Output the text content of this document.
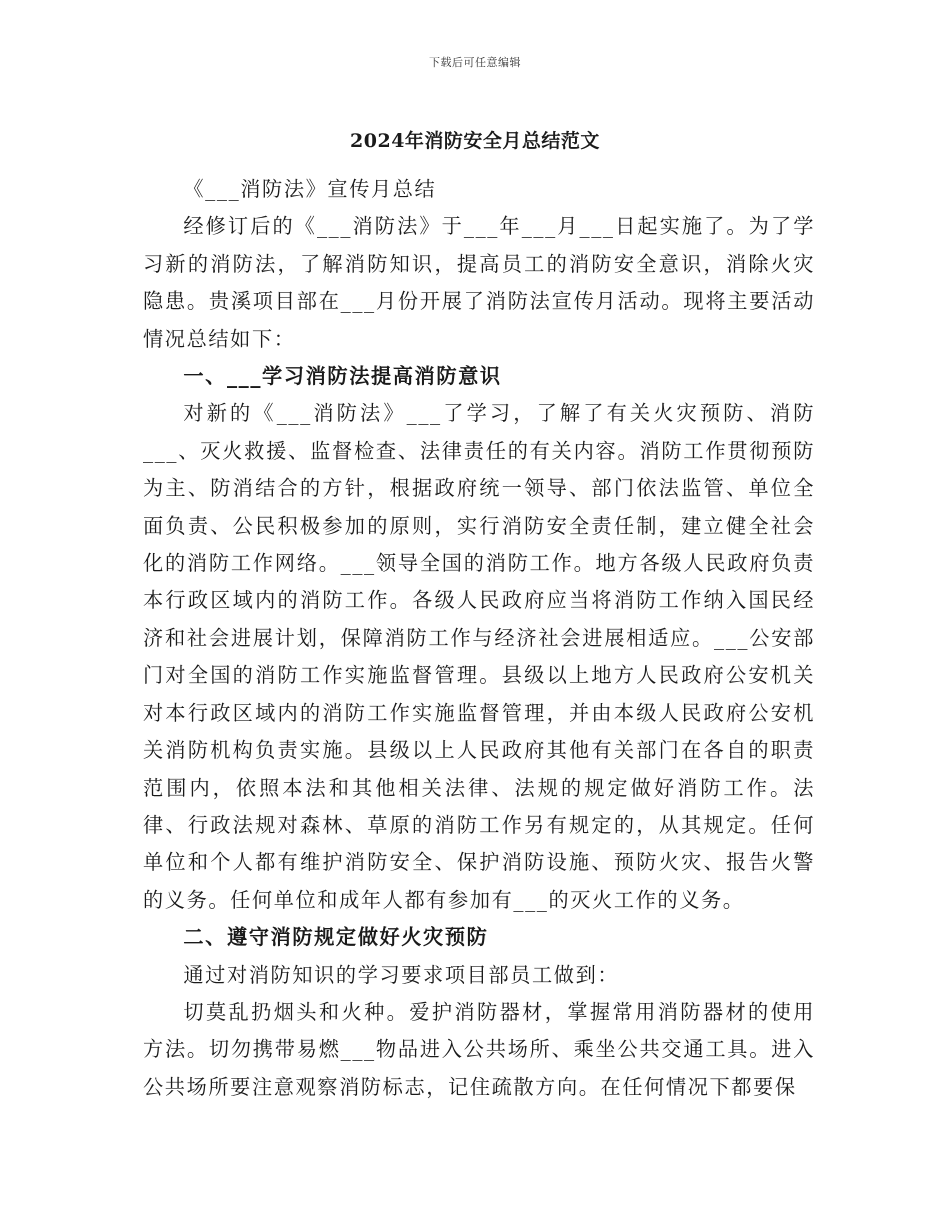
下载后可任意编辑
2024年消防安全月总结范文

《___消防法》宣传月总结

经修订后的《___消防法》于___年___月___日起实施了。为了学习新的消防法，了解消防知识，提高员工的消防安全意识，消除火灾隐患。贵溪项目部在___月份开展了消防法宣传月活动。现将主要活动情况总结如下：

一、___学习消防法提高消防意识

对新的《___消防法》___了学习，了解了有关火灾预防、消防___、灭火救援、监督检查、法律责任的有关内容。消防工作贯彻预防为主、防消结合的方针，根据政府统一领导、部门依法监管、单位全面负责、公民积极参加的原则，实行消防安全责任制，建立健全社会化的消防工作网络。___领导全国的消防工作。地方各级人民政府负责本行政区域内的消防工作。各级人民政府应当将消防工作纳入国民经济和社会进展计划，保障消防工作与经济社会进展相适应。___公安部门对全国的消防工作实施监督管理。县级以上地方人民政府公安机关对本行政区域内的消防工作实施监督管理，并由本级人民政府公安机关消防机构负责实施。县级以上人民政府其他有关部门在各自的职责范围内，依照本法和其他相关法律、法规的规定做好消防工作。法律、行政法规对森林、草原的消防工作另有规定的，从其规定。任何单位和个人都有维护消防安全、保护消防设施、预防火灾、报告火警的义务。任何单位和成年人都有参加有___的灭火工作的义务。

二、遵守消防规定做好火灾预防

通过对消防知识的学习要求项目部员工做到：

切莫乱扔烟头和火种。爱护消防器材，掌握常用消防器材的使用方法。切勿携带易燃___物品进入公共场所、乘坐公共交通工具。进入公共场所要注意观察消防标志，记住疏散方向。在任何情况下都要保
